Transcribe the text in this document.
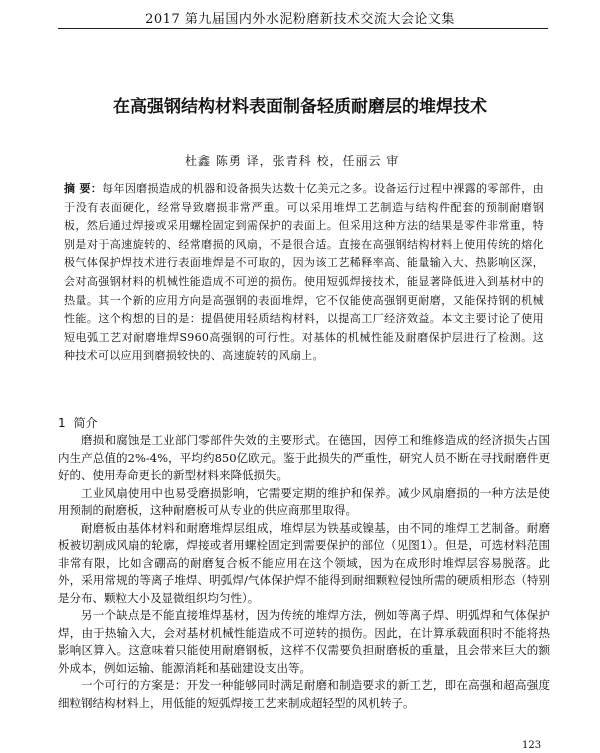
2017 第九届国内外水泥粉磨新技术交流大会论文集
在高强钢结构材料表面制备轻质耐磨层的堆焊技术
杜鑫 陈勇 译，张青科 校，任丽云 审
摘 要：每年因磨损造成的机器和设备损失达数十亿美元之多。设备运行过程中裸露的零部件，由于没有表面硬化，经常导致磨损非常严重。可以采用堆焊工艺制造与结构件配套的预制耐磨钢板，然后通过焊接或采用螺栓固定到需保护的表面上。但采用这种方法的结果是零件非常重，特别是对于高速旋转的、经常磨损的风扇，不是很合适。直接在高强钢结构材料上使用传统的熔化极气体保护焊技术进行表面堆焊是不可取的，因为该工艺稀释率高、能量输入大、热影响区深，会对高强钢材料的机械性能造成不可逆的损伤。使用短弧焊接技术，能显著降低进入到基材中的热量。其一个新的应用方向是高强钢的表面堆焊，它不仅能使高强钢更耐磨，又能保持钢的机械性能。这个构想的目的是：提倡使用轻质结构材料，以提高工厂经济效益。本文主要讨论了使用短电弧工艺对耐磨堆焊S960高强钢的可行性。对基体的机械性能及耐磨保护层进行了检测。这种技术可以应用到磨损较快的、高速旋转的风扇上。
1 简介

磨损和腐蚀是工业部门零部件失效的主要形式。在德国，因停工和维修造成的经济损失占国内生产总值的2%-4%，平均约850亿欧元。鉴于此损失的严重性，研究人员不断在寻找耐磨件更好的、使用寿命更长的新型材料来降低损失。

工业风扇使用中也易受磨损影响，它需要定期的维护和保养。减少风扇磨损的一种方法是使用预制的耐磨板，这种耐磨板可从专业的供应商那里取得。

耐磨板由基体材料和耐磨堆焊层组成，堆焊层为铁基或镍基，由不同的堆焊工艺制备。耐磨板被切割成风扇的轮廓，焊接或者用螺栓固定到需要保护的部位（见图1）。但是，可选材料范围非常有限，比如含硼高的耐磨复合板不能应用在这个领域，因为在成形时堆焊层容易脱落。此外，采用常规的等离子堆焊、明弧焊/气体保护焊不能得到耐细颗粒侵蚀所需的硬质相形态（特别是分布、颗粒大小及显微组织均匀性）。

另一个缺点是不能直接堆焊基材，因为传统的堆焊方法，例如等离子焊、明弧焊和气体保护焊，由于热输入大，会对基材机械性能造成不可逆转的损伤。因此，在计算承载面积时不能将热影响区算入。这意味着只能使用耐磨钢板，这样不仅需要负担耐磨板的重量，且会带来巨大的额外成本，例如运输、能源消耗和基础建设支出等。

一个可行的方案是：开发一种能够同时满足耐磨和制造要求的新工艺，即在高强和超高强度细粒钢结构材料上，用低能的短弧焊接工艺来制成超轻型的风机转子。

123
